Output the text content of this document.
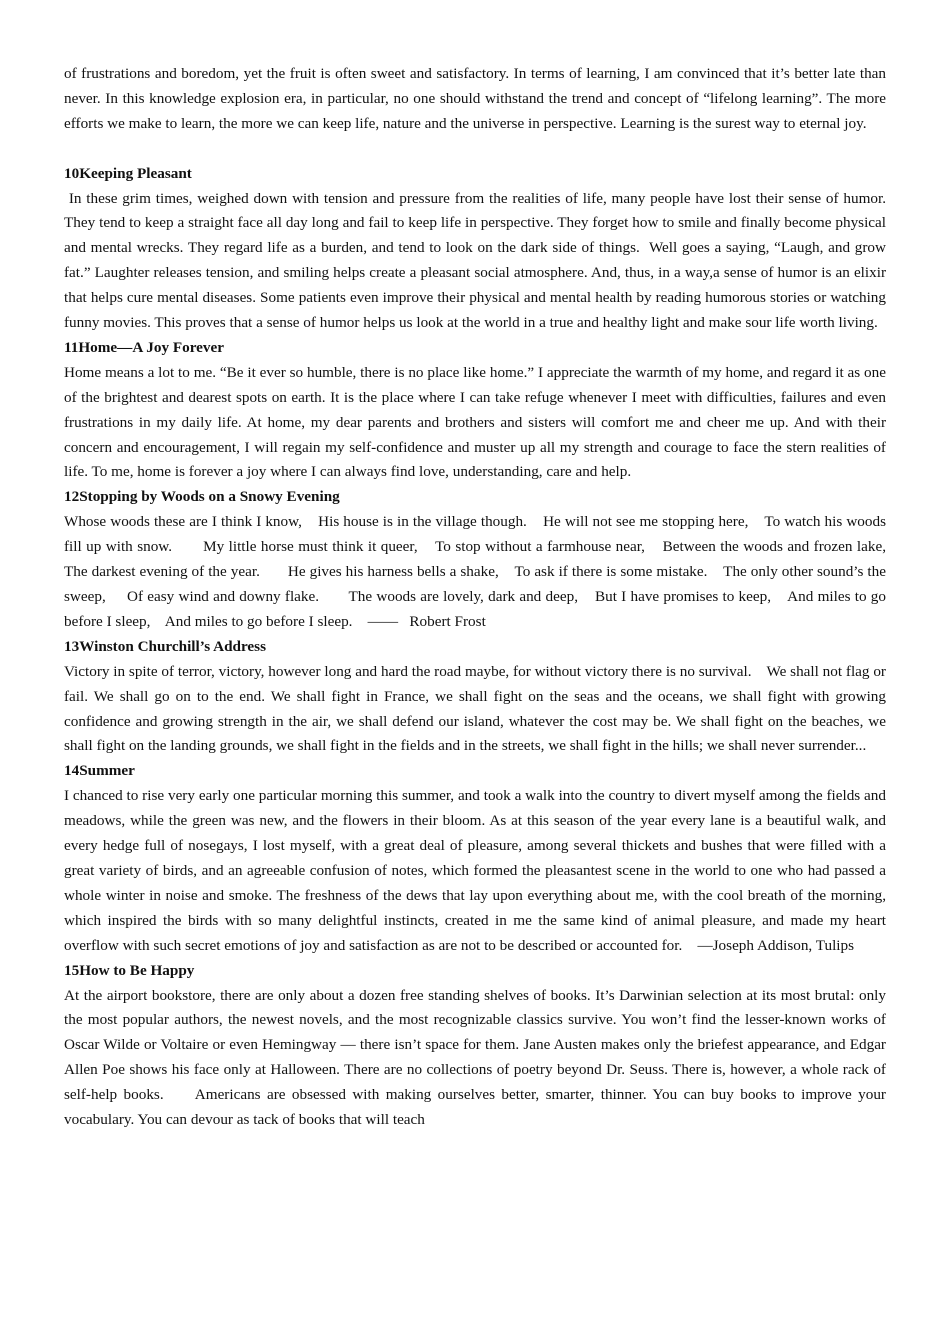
of frustrations and boredom, yet the fruit is often sweet and satisfactory. In terms of learning, I am convinced that it’s better late than never. In this knowledge explosion era, in particular, no one should withstand the trend and concept of “lifelong learning”. The more efforts we make to learn, the more we can keep life, nature and the universe in perspective. Learning is the surest way to eternal joy.

10Keeping Pleasant

In these grim times, weighed down with tension and pressure from the realities of life, many people have lost their sense of humor. They tend to keep a straight face all day long and fail to keep life in perspective. They forget how to smile and finally become physical and mental wrecks. They regard life as a burden, and tend to look on the dark side of things.  Well goes a saying, “Laugh, and grow fat.” Laughter releases tension, and smiling helps create a pleasant social atmosphere. And, thus, in a way,a sense of humor is an elixir that helps cure mental diseases. Some patients even improve their physical and mental health by reading humorous stories or watching funny movies. This proves that a sense of humor helps us look at the world in a true and healthy light and make sour life worth living.

11Home—A Joy Forever

Home means a lot to me. “Be it ever so humble, there is no place like home.” I appreciate the warmth of my home, and regard it as one of the brightest and dearest spots on earth. It is the place where I can take refuge whenever I meet with difficulties, failures and even frustrations in my daily life. At home, my dear parents and brothers and sisters will comfort me and cheer me up. And with their concern and encouragement, I will regain my self-confidence and muster up all my strength and courage to face the stern realities of life. To me, home is forever a joy where I can always find love, understanding, care and help.

12Stopping by Woods on a Snowy Evening

Whose woods these are I think I know,    His house is in the village though.    He will not see me stopping here,    To watch his woods fill up with snow.       My little horse must think it queer,    To stop without a farmhouse near,    Between the woods and frozen lake,    The darkest evening of the year.       He gives his harness bells a shake,    To ask if there is some mistake.    The only other sound’s the sweep,     Of easy wind and downy flake.       The woods are lovely, dark and deep,    But I have promises to keep,    And miles to go before I sleep,    And miles to go before I sleep.    ——   Robert Frost

13Winston Churchill’s Address

Victory in spite of terror, victory, however long and hard the road maybe, for without victory there is no survival.    We shall not flag or fail. We shall go on to the end. We shall fight in France, we shall fight on the seas and the oceans, we shall fight with growing confidence and growing strength in the air, we shall defend our island, whatever the cost may be. We shall fight on the beaches, we shall fight on the landing grounds, we shall fight in the fields and in the streets, we shall fight in the hills; we shall never surrender...

14Summer

I chanced to rise very early one particular morning this summer, and took a walk into the country to divert myself among the fields and meadows, while the green was new, and the flowers in their bloom. As at this season of the year every lane is a beautiful walk, and every hedge full of nosegays, I lost myself, with a great deal of pleasure, among several thickets and bushes that were filled with a great variety of birds, and an agreeable confusion of notes, which formed the pleasantest scene in the world to one who had passed a whole winter in noise and smoke. The freshness of the dews that lay upon everything about me, with the cool breath of the morning, which inspired the birds with so many delightful instincts, created in me the same kind of animal pleasure, and made my heart overflow with such secret emotions of joy and satisfaction as are not to be described or accounted for.    —Joseph Addison, Tulips

15How to Be Happy

At the airport bookstore, there are only about a dozen free standing shelves of books. It’s Darwinian selection at its most brutal: only the most popular authors, the newest novels, and the most recognizable classics survive. You won’t find the lesser-known works of Oscar Wilde or Voltaire or even Hemingway — there isn’t space for them. Jane Austen makes only the briefest appearance, and Edgar Allen Poe shows his face only at Halloween. There are no collections of poetry beyond Dr. Seuss. There is, however, a whole rack of self-help books.     Americans are obsessed with making ourselves better, smarter, thinner. You can buy books to improve your vocabulary. You can devour as tack of books that will teach
